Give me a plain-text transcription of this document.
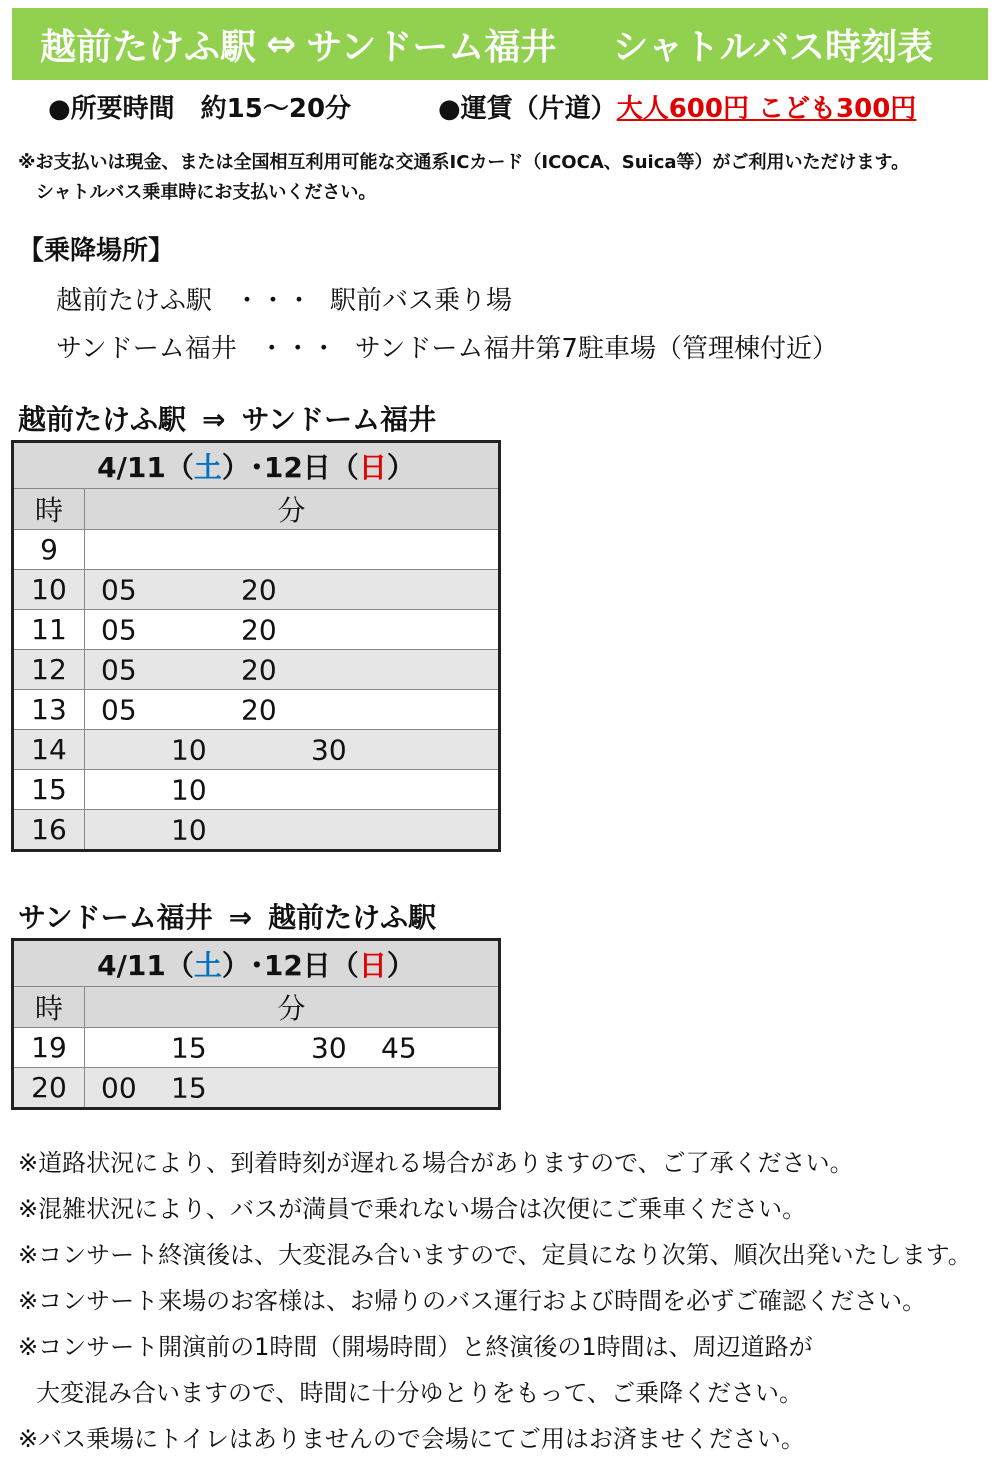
越前たけふ駅 ⇔ サンドーム福井 シャトルバス時刻表
●所要時間　約15～20分	●運賃（片道）大人600円 こども300円
※お支払いは現金、または全国相互利用可能な交通系ICカード（ICOCA、Suica等）がご利用いただけます。
　シャトルバス乗車時にお支払いください。
【乗降場所】
越前たけふ駅 ・・・ 駅前バス乗り場
サンドーム福井 ・・・ サンドーム福井第7駐車場（管理棟付近）
越前たけふ駅 ⇒ サンドーム福井
4/11（土）･12日（日）	
時	分
9	
10	05 20

11	05 20

12	05 20

13	05 20

14	10 30

15	10

16	10
サンドーム福井 ⇒ 越前たけふ駅
4/11（土）･12日（日）	
時	分
19	15 30 45

20	00 15
※道路状況により、到着時刻が遅れる場合がありますので、ご了承ください。
※混雑状況により、バスが満員で乗れない場合は次便にご乗車ください。
※コンサート終演後は、大変混み合いますので、定員になり次第、順次出発いたします。
※コンサート来場のお客様は、お帰りのバス運行および時間を必ずご確認ください。
※コンサート開演前の1時間（開場時間）と終演後の1時間は、周辺道路が
大変混み合いますので、時間に十分ゆとりをもって、ご乗降ください。
※バス乗場にトイレはありませんので会場にてご用はお済ませください。
